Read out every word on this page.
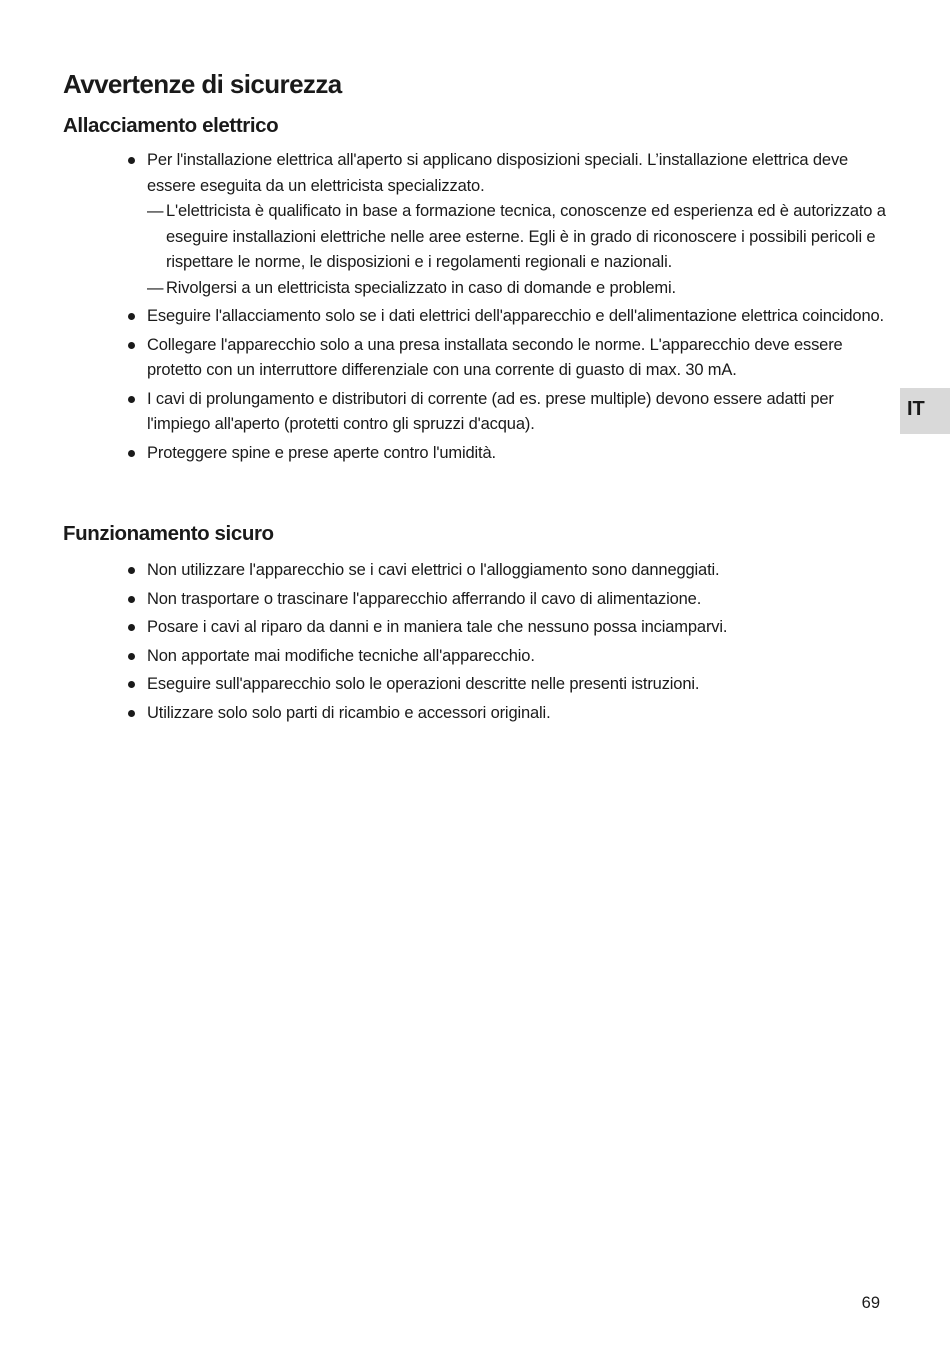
Avvertenze di sicurezza
Allacciamento elettrico
Per l'installazione elettrica all'aperto si applicano disposizioni speciali. L’installazione elettrica deve essere eseguita da un elettricista specializzato.
— L'elettricista è qualificato in base a formazione tecnica, conoscenze ed esperienza ed è autorizzato a eseguire installazioni elettriche nelle aree esterne. Egli è in grado di riconoscere i possibili pericoli e rispettare le norme, le disposizioni e i regolamenti regionali e nazionali.
— Rivolgersi a un elettricista specializzato in caso di domande e problemi.
Eseguire l'allacciamento solo se i dati elettrici dell'apparecchio e dell'alimentazione elettrica coincidono.
Collegare l'apparecchio solo a una presa installata secondo le norme. L'apparecchio deve essere protetto con un interruttore differenziale con una corrente di guasto di max. 30 mA.
I cavi di prolungamento e distributori di corrente (ad es. prese multiple) devono essere adatti per l'impiego all'aperto (protetti contro gli spruzzi d'acqua).
Proteggere spine e prese aperte contro l'umidità.
Funzionamento sicuro
Non utilizzare l'apparecchio se i cavi elettrici o l'alloggiamento sono danneggiati.
Non trasportare o trascinare l'apparecchio afferrando il cavo di alimentazione.
Posare i cavi al riparo da danni e in maniera tale che nessuno possa inciamparvi.
Non apportate mai modifiche tecniche all'apparecchio.
Eseguire sull'apparecchio solo le operazioni descritte nelle presenti istruzioni.
Utilizzare solo solo parti di ricambio e accessori originali.
IT
69
